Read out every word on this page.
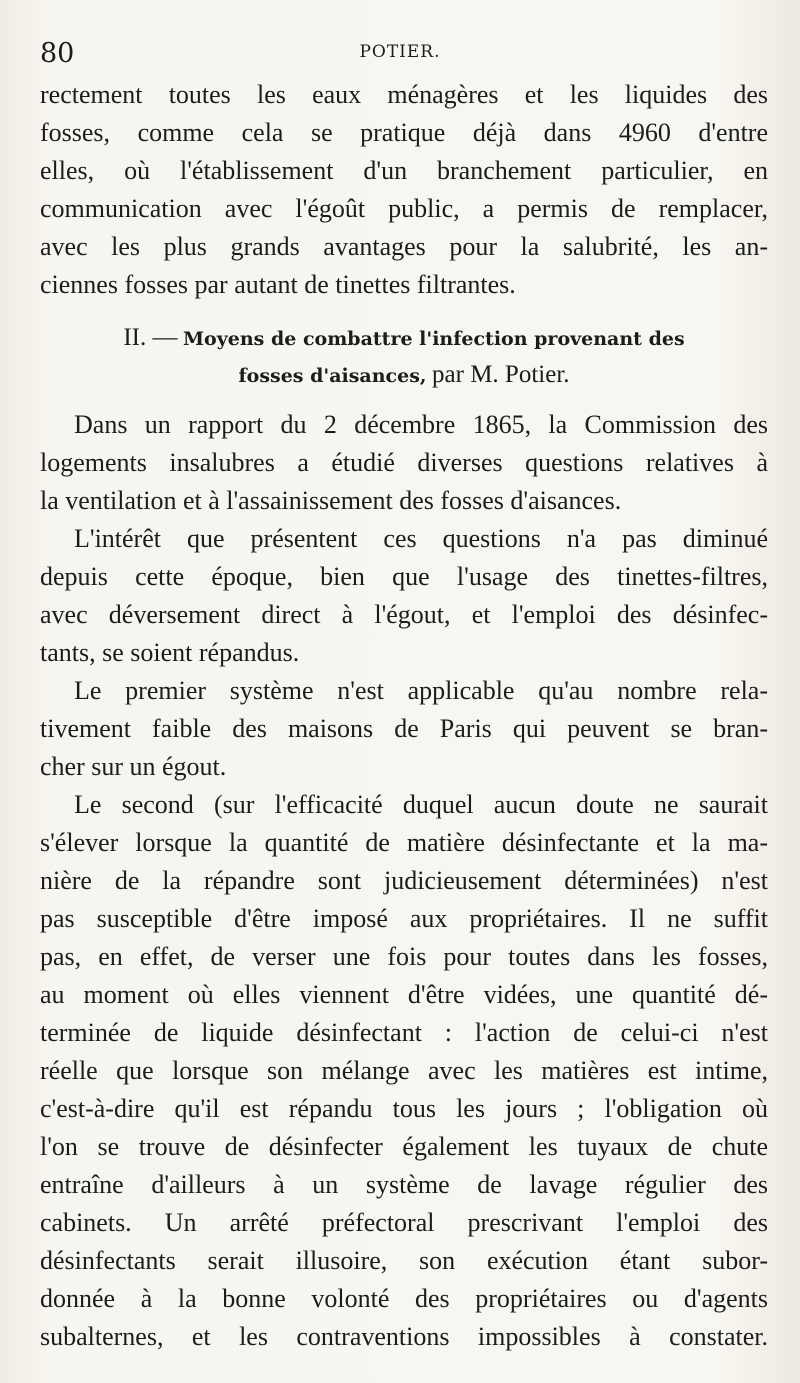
80	POTIER.

rectement toutes les eaux ménagères et les liquides des
fosses, comme cela se pratique déjà dans 4960 d'entre
elles, où l'établissement d'un branchement particulier, en
communication avec l'égoût public, a permis de remplacer,
avec les plus grands avantages pour la salubrité, les an-
ciennes fosses par autant de tinettes filtrantes.

II. — Moyens de combattre l'infection provenant des
fosses d'aisances, par M. Potier.

Dans un rapport du 2 décembre 1865, la Commission des
logements insalubres a étudié diverses questions relatives à
la ventilation et à l'assainissement des fosses d'aisances.

L'intérêt que présentent ces questions n'a pas diminué
depuis cette époque, bien que l'usage des tinettes-filtres,
avec déversement direct à l'égout, et l'emploi des désinfec-
tants, se soient répandus.

Le premier système n'est applicable qu'au nombre rela-
tivement faible des maisons de Paris qui peuvent se bran-
cher sur un égout.

Le second (sur l'efficacité duquel aucun doute ne saurait
s'élever lorsque la quantité de matière désinfectante et la ma-
nière de la répandre sont judicieusement déterminées) n'est
pas susceptible d'être imposé aux propriétaires. Il ne suffit
pas, en effet, de verser une fois pour toutes dans les fosses,
au moment où elles viennent d'être vidées, une quantité dé-
terminée de liquide désinfectant : l'action de celui-ci n'est
réelle que lorsque son mélange avec les matières est intime,
c'est-à-dire qu'il est répandu tous les jours ; l'obligation où
l'on se trouve de désinfecter également les tuyaux de chute
entraîne d'ailleurs à un système de lavage régulier des
cabinets. Un arrêté préfectoral prescrivant l'emploi des
désinfectants serait illusoire, son exécution étant subor-
donnée à la bonne volonté des propriétaires ou d'agents
subalternes, et les contraventions impossibles à constater.
